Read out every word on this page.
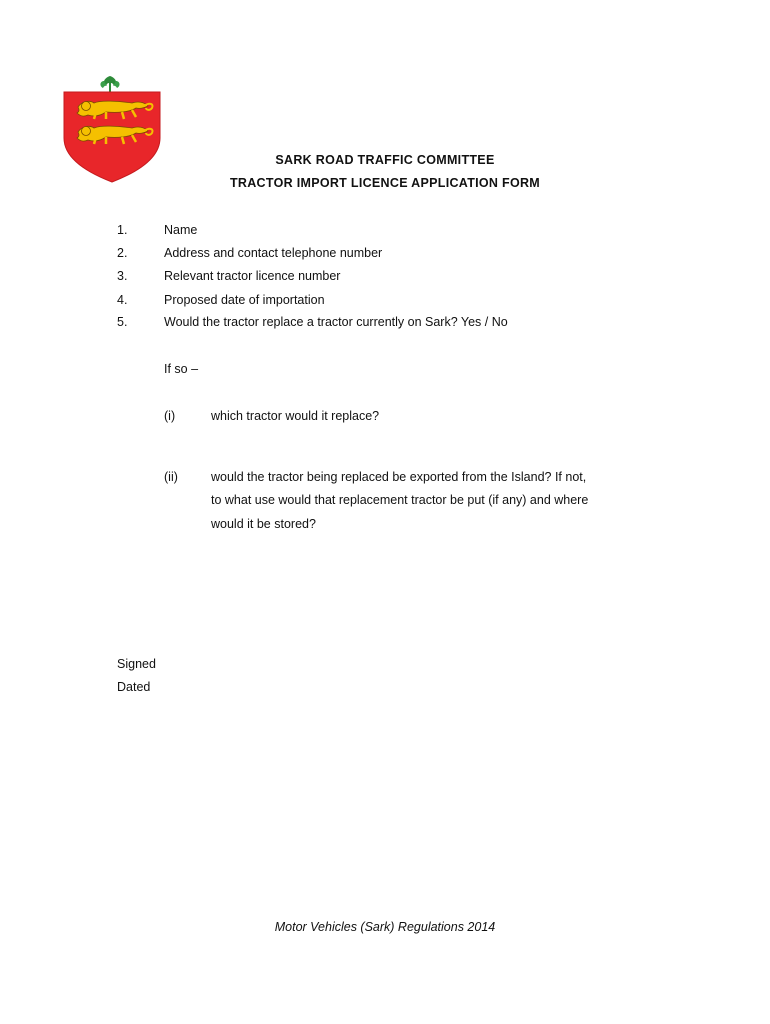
SARK ROAD TRAFFIC COMMITTEE
TRACTOR IMPORT LICENCE APPLICATION FORM
1.	Name
2.	Address and contact telephone number
3.	Relevant tractor licence number
4.	Proposed date of importation
5.	Would the tractor replace a tractor currently on Sark? Yes / No
If so –
(i)	which tractor would it replace?
(ii)	would the tractor being replaced be exported from the Island? If not,
to what use would that replacement tractor be put (if any) and where
would it be stored?
Signed
Dated
Motor Vehicles (Sark) Regulations 2014
